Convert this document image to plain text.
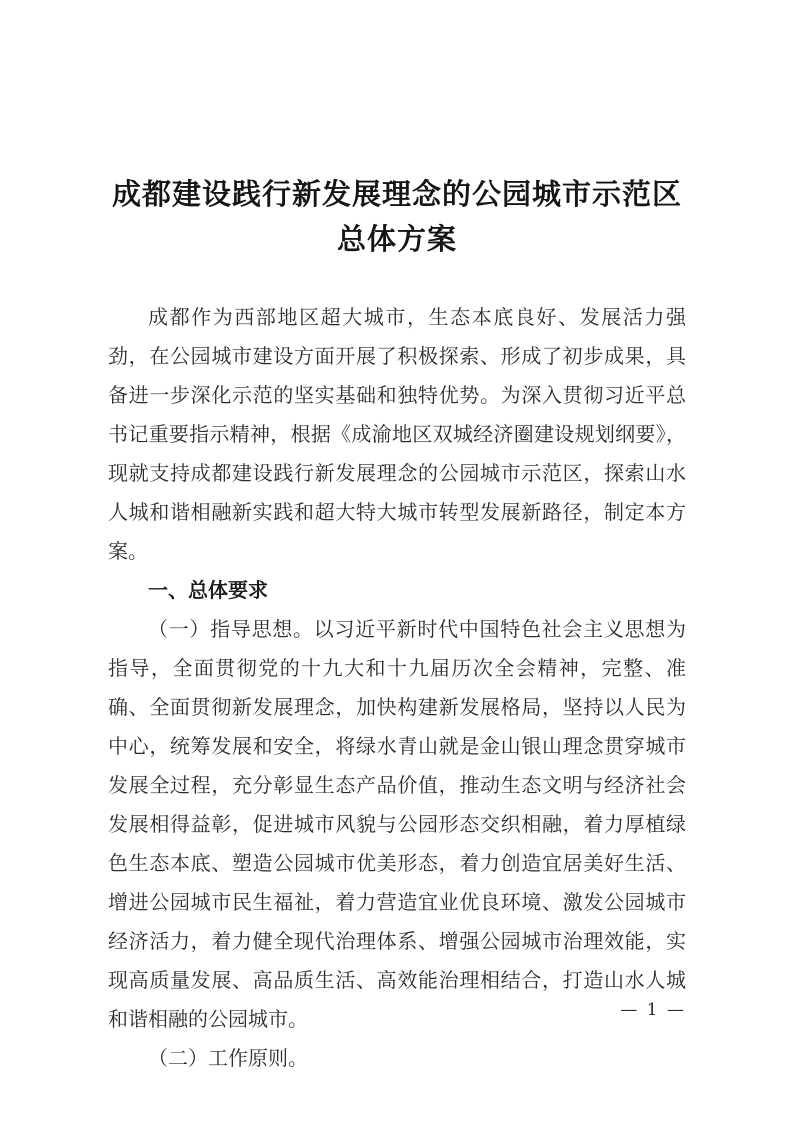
成都建设践行新发展理念的公园城市示范区
总体方案

成都作为西部地区超大城市，生态本底良好、发展活力强劲，在公园城市建设方面开展了积极探索、形成了初步成果，具备进一步深化示范的坚实基础和独特优势。为深入贯彻习近平总书记重要指示精神，根据《成渝地区双城经济圈建设规划纲要》，现就支持成都建设践行新发展理念的公园城市示范区，探索山水人城和谐相融新实践和超大特大城市转型发展新路径，制定本方案。

一、总体要求

（一）指导思想。以习近平新时代中国特色社会主义思想为指导，全面贯彻党的十九大和十九届历次全会精神，完整、准确、全面贯彻新发展理念，加快构建新发展格局，坚持以人民为中心，统筹发展和安全，将绿水青山就是金山银山理念贯穿城市发展全过程，充分彰显生态产品价值，推动生态文明与经济社会发展相得益彰，促进城市风貌与公园形态交织相融，着力厚植绿色生态本底、塑造公园城市优美形态，着力创造宜居美好生活、增进公园城市民生福祉，着力营造宜业优良环境、激发公园城市经济活力，着力健全现代治理体系、增强公园城市治理效能，实现高质量发展、高品质生活、高效能治理相结合，打造山水人城和谐相融的公园城市。

（二）工作原则。

— 1 —
